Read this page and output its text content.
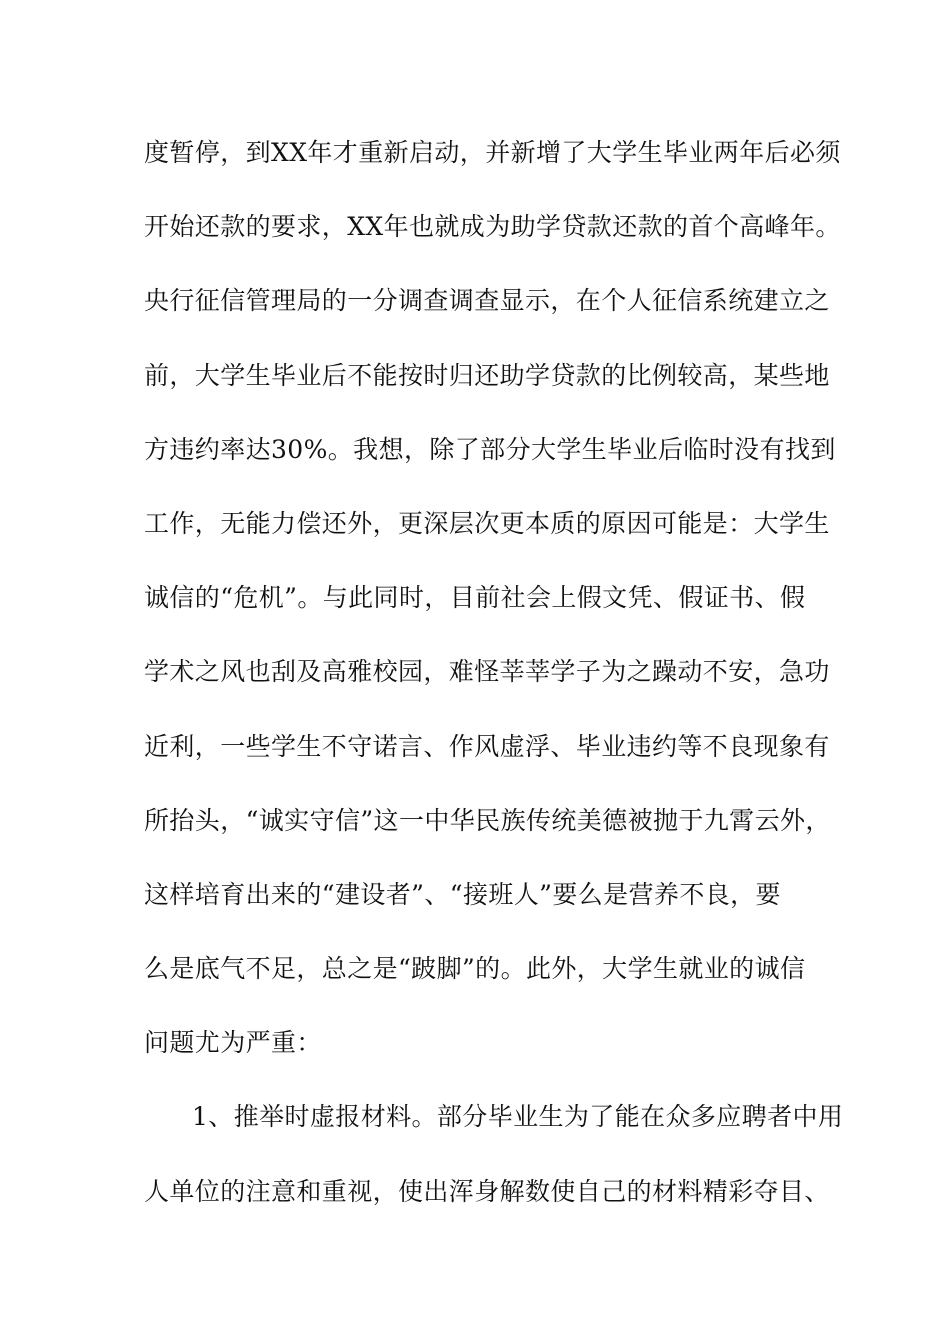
度暂停，到XX年才重新启动，并新增了大学生毕业两年后必须
开始还款的要求，XX年也就成为助学贷款还款的首个高峰年。
央行征信管理局的一分调查调查显示，在个人征信系统建立之
前，大学生毕业后不能按时归还助学贷款的比例较高，某些地
方违约率达30%。我想，除了部分大学生毕业后临时没有找到
工作，无能力偿还外，更深层次更本质的原因可能是：大学生
诚信的“危机”。与此同时，目前社会上假文凭、假证书、假
学术之风也刮及高雅校园，难怪莘莘学子为之躁动不安，急功
近利，一些学生不守诺言、作风虚浮、毕业违约等不良现象有
所抬头，“诚实守信”这一中华民族传统美德被抛于九霄云外，
这样培育出来的“建设者”、“接班人”要么是营养不良，要
么是底气不足，总之是“跛脚”的。此外，大学生就业的诚信
问题尤为严重：
1、推举时虚报材料。部分毕业生为了能在众多应聘者中用
人单位的注意和重视，使出浑身解数使自己的材料精彩夺目、
